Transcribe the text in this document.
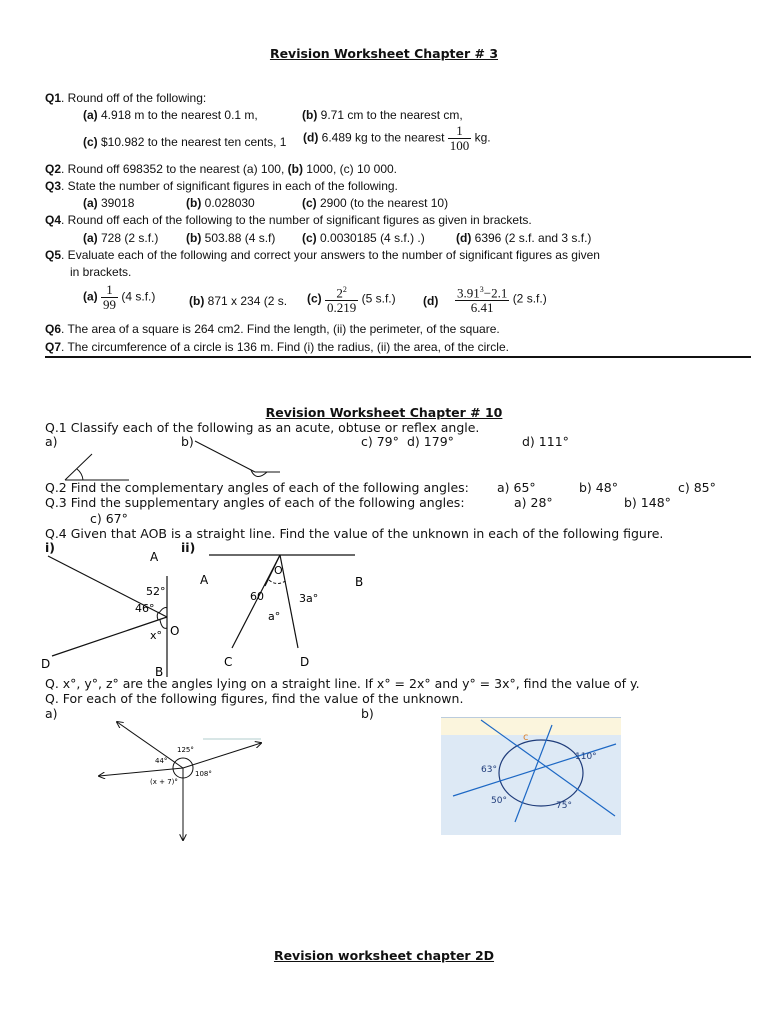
Revision Worksheet Chapter # 3
Q1. Round off of the following:
(a) 4.918 m to the nearest 0.1 m,	(b) 9.71 cm to the nearest cm,
(c) $10.982 to the nearest ten cents, 1 (d) 6.489 kg to the nearest $\frac{1}{100}$ kg.
Q2. Round off 698352 to the nearest (a) 100, (b) 1000, (c) 10 000.
Q3. State the number of significant figures in each of the following.
(a) 39018	(b) 0.028030	(c) 2900 (to the nearest 10)
Q4. Round off each of the following to the number of significant figures as given in brackets.
(a) 728 (2 s.f.) (b) 503.88 (4 s.f) (c) 0.0030185 (4 s.f.) .)	(d) 6396 (2 s.f. and 3 s.f.)
Q5. Evaluate each of the following and correct your answers to the number of significant figures as given
in brackets.
$(a) \frac{1}{99} (4$ s.f.)	(b) 871 x 234 (2 s. $(c) \frac{2^2}{0.219} (5$ s.f.) $(d) \frac{3.91^3-2.1}{6.41} (2$ s.f.)
Q6. The area of a square is 264 cm2. Find the length, (ii) the perimeter, of the square.
Q7. The circumference of a circle is 136 m. Find (i) the radius, (ii) the area, of the circle.
Revision Worksheet Chapter # 10
Q.1 Classify each of the following as an acute, obtuse or reflex angle.
a)	b)	c) 79° d) 179°	d) 111°
Q.2 Find the complementary angles of each of the following angles: a) 65°	b) 48°	c) 85°
Q.3 Find the supplementary angles of each of the following angles:	a) 28°	b) 148°
c) 67°
Q.4 Given that AOB is a straight line. Find the value of the unknown in each of the following figure.
i)	ii)
A
B
D
O
52°
46°
x°
A	B
C	D
O
60	3a°
a°
Q. x°, y°, z° are the angles lying on a straight line. If x° = 2x° and y° = 3x°, find the value of y.
Q. For each of the following figures, find the value of the unknown.
a)	b)
125°
44°
108°
(x + 7)°
c
110°
63°
50°	75°
Revision worksheet chapter 2D
